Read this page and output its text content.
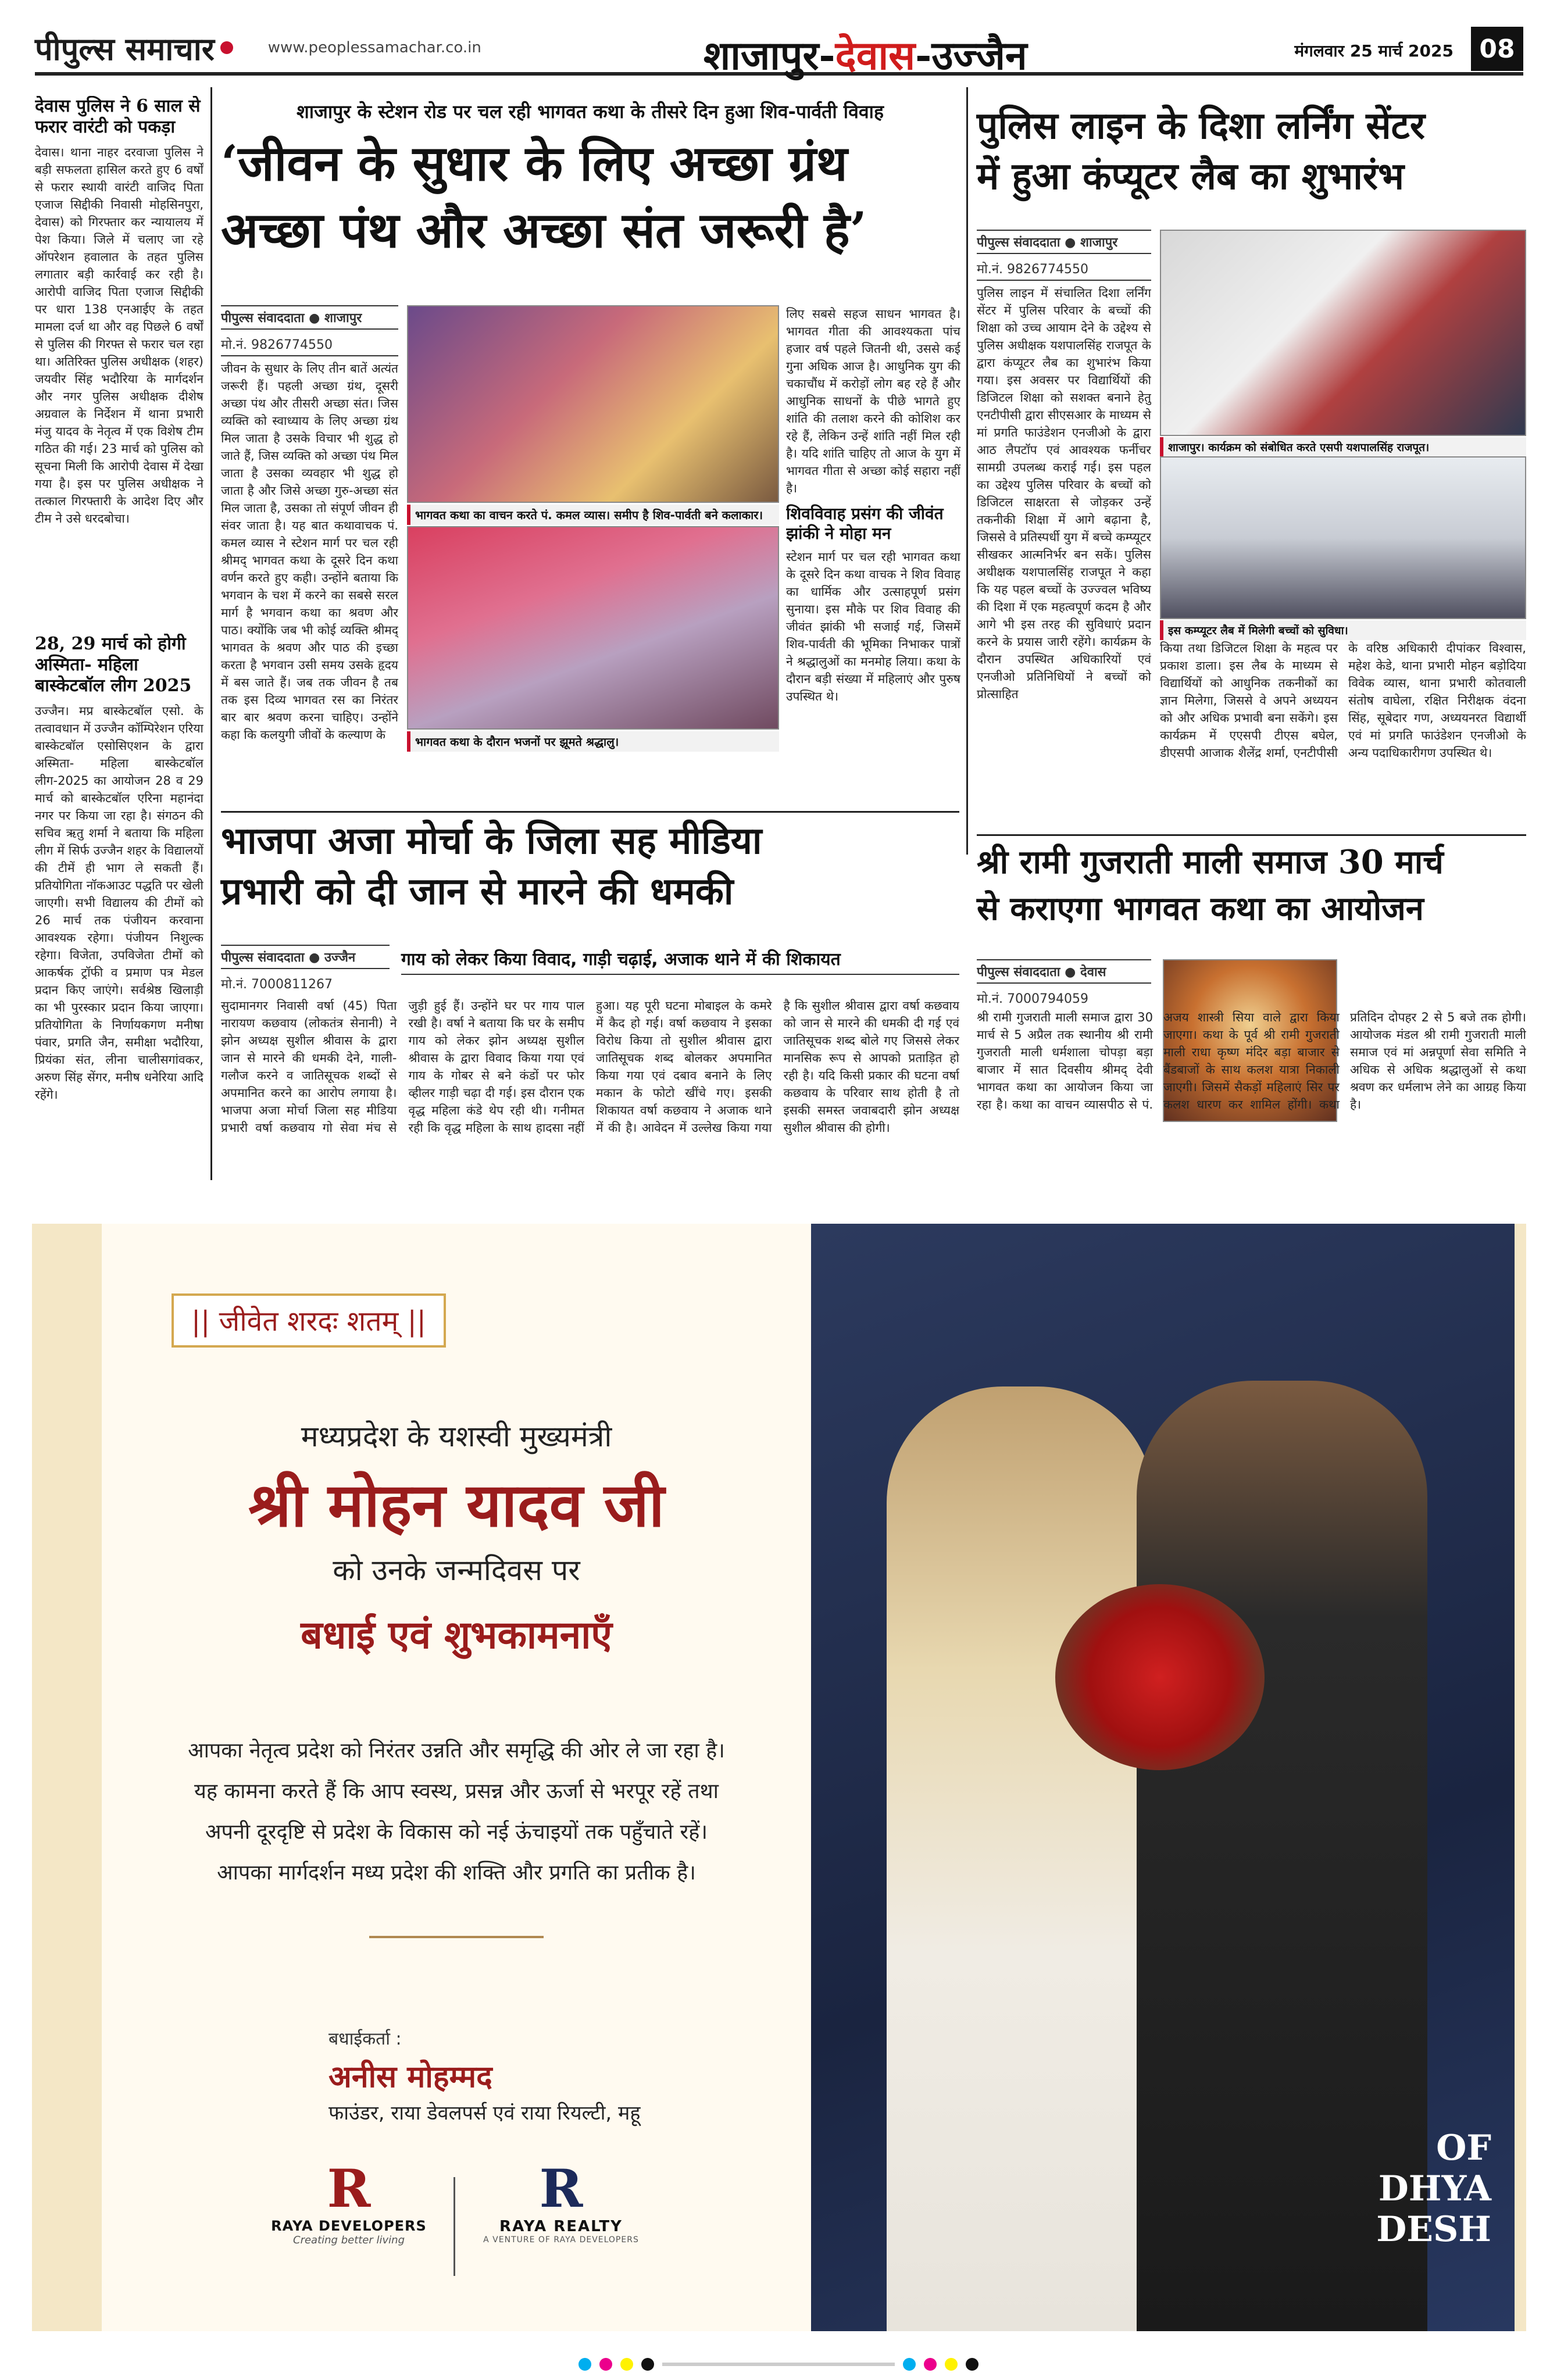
पीपुल्स समाचार	www.peoplessamachar.co.in	शाजापुर-देवास-उज्जैन	मंगलवार 25 मार्च 2025	08
देवास पुलिस ने 6 साल से फरार वारंटी को पकड़ा
देवास। थाना नाहर दरवाजा पुलिस ने बड़ी सफलता हासिल करते हुए 6 वर्षों से फरार स्थायी वारंटी वाजिद पिता एजाज सिद्दीकी निवासी मोहसिनपुरा, देवास) को गिरफ्तार कर न्यायालय में पेश किया। जिले में चलाए जा रहे ऑपरेशन हवालात के तहत पुलिस लगातार बड़ी कार्रवाई कर रही है। आरोपी वाजिद पिता एजाज सिद्दीकी पर धारा 138 एनआईए के तहत मामला दर्ज था और वह पिछले 6 वर्षों से पुलिस की गिरफ्त से फरार चल रहा था। अतिरिक्त पुलिस अधीक्षक (शहर) जयवीर सिंह भदौरिया के मार्गदर्शन और नगर पुलिस अधीक्षक दीशेष अग्रवाल के निर्देशन में थाना प्रभारी मंजु यादव के नेतृत्व में एक विशेष टीम गठित की गई। 23 मार्च को पुलिस को सूचना मिली कि आरोपी देवास में देखा गया है। इस पर पुलिस अधीक्षक ने तत्काल गिरफ्तारी के आदेश दिए और टीम ने उसे धरदबोचा।
28, 29 मार्च को होगी अस्मिता- महिला बास्केटबॉल लीग 2025
उज्जैन। मप्र बास्केटबॉल एसो. के तत्वावधान में उज्जैन कॉम्पिरेशन एरिया बास्केटबॉल एसोसिएशन के द्वारा अस्मिता- महिला बास्केटबॉल लीग-2025 का आयोजन 28 व 29 मार्च को बास्केटबॉल एरिना महानंदा नगर पर किया जा रहा है। संगठन की सचिव ऋतु शर्मा ने बताया कि महिला लीग में सिर्फ उज्जैन शहर के विद्यालयों की टीमें ही भाग ले सकती हैं। प्रतियोगिता नॉकआउट पद्धति पर खेली जाएगी। सभी विद्यालय की टीमों को 26 मार्च तक पंजीयन करवाना आवश्यक रहेगा। पंजीयन निशुल्क रहेगा। विजेता, उपविजेता टीमों को आकर्षक ट्रॉफी व प्रमाण पत्र मेडल प्रदान किए जाएंगे। सर्वश्रेष्ठ खिलाड़ी का भी पुरस्कार प्रदान किया जाएगा। प्रतियोगिता के निर्णायकगण मनीषा पंवार, प्रगति जैन, समीक्षा भदौरिया, प्रियंका संत, लीना चालीसगांवकर, अरुण सिंह सेंगर, मनीष धनेरिया आदि रहेंगे।
शाजापुर के स्टेशन रोड पर चल रही भागवत कथा के तीसरे दिन हुआ शिव-पार्वती विवाह
‘जीवन के सुधार के लिए अच्छा ग्रंथ
अच्छा पंथ और अच्छा संत जरूरी है’
पीपुल्स संवाददाता ● शाजापुर
मो.नं. 9826774550
जीवन के सुधार के लिए तीन बातें अत्यंत जरूरी हैं। पहली अच्छा ग्रंथ, दूसरी अच्छा पंथ और तीसरी अच्छा संत। जिस व्यक्ति को स्वाध्याय के लिए अच्छा ग्रंथ मिल जाता है उसके विचार भी शुद्ध हो जाते हैं, जिस व्यक्ति को अच्छा पंथ मिल जाता है उसका व्यवहार भी शुद्ध हो जाता है और जिसे अच्छा गुरु-अच्छा संत मिल जाता है, उसका तो संपूर्ण जीवन ही संवर जाता है। यह बात कथावाचक पं. कमल व्यास ने स्टेशन मार्ग पर चल रही श्रीमद् भागवत कथा के दूसरे दिन कथा वर्णन करते हुए कही। उन्होंने बताया कि भगवान के चश में करने का सबसे सरल मार्ग है भगवान कथा का श्रवण और पाठ। क्योंकि जब भी कोई व्यक्ति श्रीमद् भागवत के श्रवण और पाठ की इच्छा करता है भगवान उसी समय उसके हृदय में बस जाते हैं। जब तक जीवन है तब तक इस दिव्य भागवत रस का निरंतर बार बार श्रवण करना चाहिए। उन्होंने कहा कि कलयुगी जीवों के कल्याण के
भागवत कथा का वाचन करते पं. कमल व्यास। समीप है शिव-पार्वती बने कलाकार।
भागवत कथा के दौरान भजनों पर झूमते श्रद्धालु।
लिए सबसे सहज साधन भागवत है। भागवत गीता की आवश्यकता पांच हजार वर्ष पहले जितनी थी, उससे कई गुना अधिक आज है। आधुनिक युग की चकाचौंध में करोड़ों लोग बह रहे हैं और आधुनिक साधनों के पीछे भागते हुए शांति की तलाश करने की कोशिश कर रहे हैं, लेकिन उन्हें शांति नहीं मिल रही है। यदि शांति चाहिए तो आज के युग में भागवत गीता से अच्छा कोई सहारा नहीं है।
शिवविवाह प्रसंग की जीवंत झांकी ने मोहा मन
स्टेशन मार्ग पर चल रही भागवत कथा के दूसरे दिन कथा वाचक ने शिव विवाह का धार्मिक और उत्साहपूर्ण प्रसंग सुनाया। इस मौके पर शिव विवाह की जीवंत झांकी भी सजाई गई, जिसमें शिव-पार्वती की भूमिका निभाकर पात्रों ने श्रद्धालुओं का मनमोह लिया। कथा के दौरान बड़ी संख्या में महिलाएं और पुरुष उपस्थित थे।
पुलिस लाइन के दिशा लर्निंग सेंटर
में हुआ कंप्यूटर लैब का शुभारंभ
पीपुल्स संवाददाता ● शाजापुर
मो.नं. 9826774550
पुलिस लाइन में संचालित दिशा लर्निंग सेंटर में पुलिस परिवार के बच्चों की शिक्षा को उच्च आयाम देने के उद्देश्य से पुलिस अधीक्षक यशपालसिंह राजपूत के द्वारा कंप्यूटर लैब का शुभारंभ किया गया। इस अवसर पर विद्यार्थियों की डिजिटल शिक्षा को सशक्त बनाने हेतु एनटीपीसी द्वारा सीएसआर के माध्यम से मां प्रगति फाउंडेशन एनजीओ के द्वारा आठ लैपटॉप एवं आवश्यक फर्नीचर सामग्री उपलब्ध कराई गई। इस पहल का उद्देश्य पुलिस परिवार के बच्चों को डिजिटल साक्षरता से जोड़कर उन्हें तकनीकी शिक्षा में आगे बढ़ाना है, जिससे वे प्रतिस्पर्धी युग में बच्चे कम्प्यूटर सीखकर आत्मनिर्भर बन सकें। पुलिस अधीक्षक यशपालसिंह राजपूत ने कहा कि यह पहल बच्चों के उज्ज्वल भविष्य की दिशा में एक महत्वपूर्ण कदम है और आगे भी इस तरह की सुविधाएं प्रदान करने के प्रयास जारी रहेंगे। कार्यक्रम के दौरान उपस्थित अधिकारियों एवं एनजीओ प्रतिनिधियों ने बच्चों को प्रोत्साहित
शाजापुर। कार्यक्रम को संबोधित करते एसपी यशपालसिंह राजपूत।
इस कम्प्यूटर लैब में मिलेगी बच्चों को सुविधा।
किया तथा डिजिटल शिक्षा के महत्व पर प्रकाश डाला। इस लैब के माध्यम से विद्यार्थियों को आधुनिक तकनीकों का ज्ञान मिलेगा, जिससे वे अपने अध्ययन को और अधिक प्रभावी बना सकेंगे। इस कार्यक्रम में एएसपी टीएस बघेल, डीएसपी आजाक शैलेंद्र शर्मा, एनटीपीसी के वरिष्ठ अधिकारी दीपांकर विश्वास, महेश केडे, थाना प्रभारी मोहन बड़ोदिया विवेक व्यास, थाना प्रभारी कोतवाली संतोष वाघेला, रक्षित निरीक्षक वंदना सिंह, सूबेदार गण, अध्ययनरत विद्यार्थी एवं मां प्रगति फाउंडेशन एनजीओ के अन्य पदाधिकारीगण उपस्थित थे।
भाजपा अजा मोर्चा के जिला सह मीडिया
प्रभारी को दी जान से मारने की धमकी
पीपुल्स संवाददाता ● उज्जैन
मो.नं. 7000811267
गाय को लेकर किया विवाद, गाड़ी चढ़ाई, अजाक थाने में की शिकायत
सुदामानगर निवासी वर्षा (45) पिता नारायण कछवाय (लोकतंत्र सेनानी) ने झोन अध्यक्ष सुशील श्रीवास के द्वारा जान से मारने की धमकी देने, गाली-गलौज करने व जातिसूचक शब्दों से अपमानित करने का आरोप लगाया है। भाजपा अजा मोर्चा जिला सह मीडिया प्रभारी वर्षा कछवाय गो सेवा मंच से जुड़ी हुई हैं। उन्होंने घर पर गाय पाल रखी है। वर्षा ने बताया कि घर के समीप गाय को लेकर झोन अध्यक्ष सुशील श्रीवास के द्वारा विवाद किया गया एवं गाय के गोबर से बने कंडों पर फोर व्हीलर गाड़ी चढ़ा दी गई। इस दौरान एक वृद्ध महिला कंडे थेप रही थी। गनीमत रही कि वृद्ध महिला के साथ हादसा नहीं हुआ। यह पूरी घटना मोबाइल के कमरे में कैद हो गई। वर्षा कछवाय ने इसका विरोध किया तो सुशील श्रीवास द्वारा जातिसूचक शब्द बोलकर अपमानित किया गया एवं दबाव बनाने के लिए मकान के फोटो खींचे गए। इसकी शिकायत वर्षा कछवाय ने अजाक थाने में की है। आवेदन में उल्लेख किया गया है कि सुशील श्रीवास द्वारा वर्षा कछवाय को जान से मारने की धमकी दी गई एवं जातिसूचक शब्द बोले गए जिससे लेकर मानसिक रूप से आपको प्रताड़ित हो रही है। यदि किसी प्रकार की घटना वर्षा कछवाय के परिवार साथ होती है तो इसकी समस्त जवाबदारी झोन अध्यक्ष सुशील श्रीवास की होगी।
श्री रामी गुजराती माली समाज 30 मार्च
से कराएगा भागवत कथा का आयोजन
पीपुल्स संवाददाता ● देवास
मो.नं. 7000794059
श्री रामी गुजराती माली समाज द्वारा 30 मार्च से 5 अप्रैल तक स्थानीय श्री रामी गुजराती माली धर्मशाला चोपड़ा बड़ा बाजार में सात दिवसीय श्रीमद् देवी भागवत कथा का आयोजन किया जा रहा है। कथा का वाचन व्यासपीठ से पं. अजय शास्त्री सिया वाले द्वारा किया जाएगा। कथा के पूर्व श्री रामी गुजराती माली राधा कृष्ण मंदिर बड़ा बाजार से बैंडबाजों के साथ कलश यात्रा निकाली जाएगी। जिसमें सैकड़ों महिलाएं सिर पर कलश धारण कर शामिल होंगी। कथा प्रतिदिन दोपहर 2 से 5 बजे तक होगी। आयोजक मंडल श्री रामी गुजराती माली समाज एवं मां अन्नपूर्णा सेवा समिति ने अधिक से अधिक श्रद्धालुओं से कथा श्रवण कर धर्मलाभ लेने का आग्रह किया है।
OF
DHYA
DESH
|| जीवेत शरदः शतम् ||
मध्यप्रदेश के यशस्वी मुख्यमंत्री
श्री मोहन यादव जी
को उनके जन्मदिवस पर
बधाई एवं शुभकामनाएँ
आपका नेतृत्व प्रदेश को निरंतर उन्नति और समृद्धि की ओर ले जा रहा है।
यह कामना करते हैं कि आप स्वस्थ, प्रसन्न और ऊर्जा से भरपूर रहें तथा
अपनी दूरदृष्टि से प्रदेश के विकास को नई ऊंचाइयों तक पहुँचाते रहें।
आपका मार्गदर्शन मध्य प्रदेश की शक्ति और प्रगति का प्रतीक है।
बधाईकर्ता :
अनीस मोहम्मद
फाउंडर, राया डेवलपर्स एवं राया रियल्टी, महू
R
RAYA DEVELOPERS
Creating better living
R
RAYA REALTY
A VENTURE OF RAYA DEVELOPERS
